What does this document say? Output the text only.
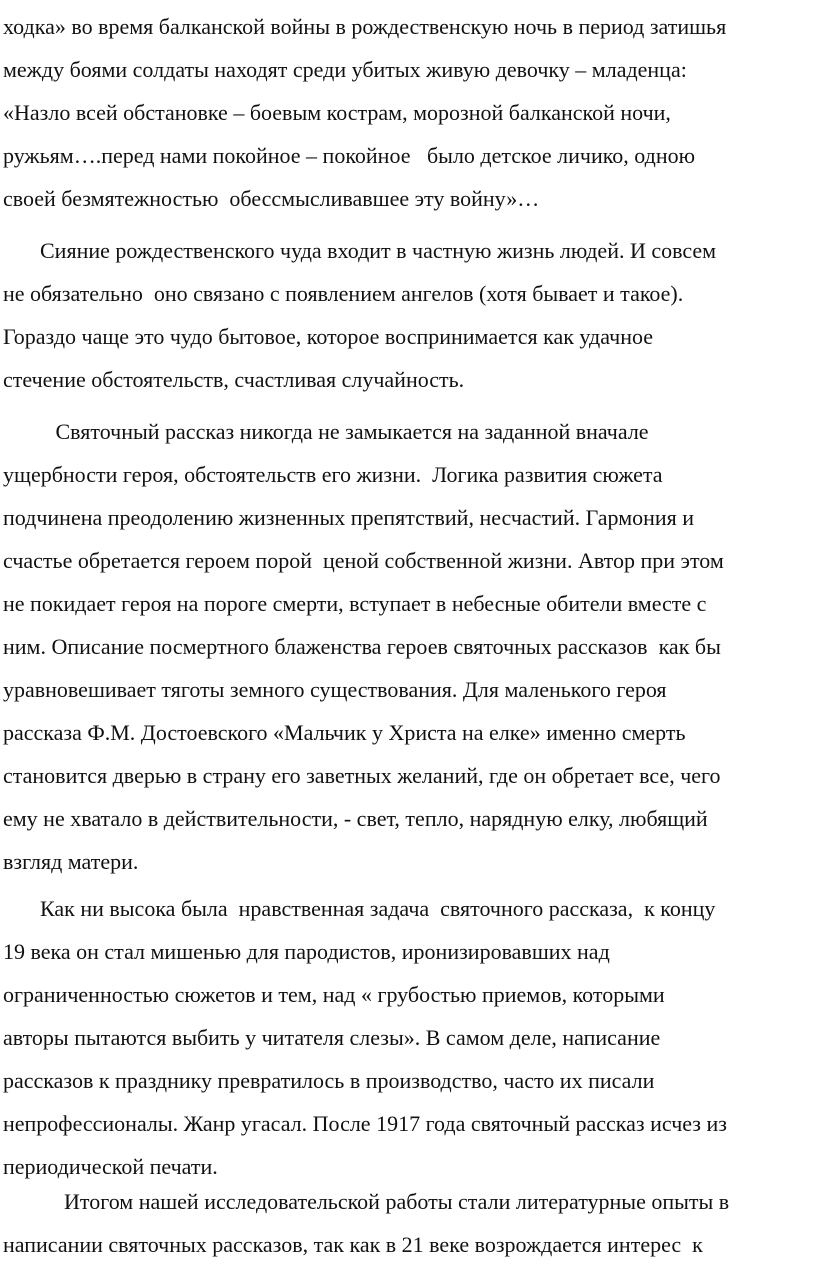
ходка» во время балканской войны в рождественскую ночь в период затишья
между боями солдаты находят среди убитых живую девочку – младенца:
«Назло всей обстановке – боевым кострам, морозной балканской ночи,
ружьям….перед нами покойное – покойное   было детское личико, одною
своей безмятежностью  обессмысливавшее эту войну»…
Сияние рождественского чуда входит в частную жизнь людей. И совсем
не обязательно  оно связано с появлением ангелов (хотя бывает и такое).
Гораздо чаще это чудо бытовое, которое воспринимается как удачное
стечение обстоятельств, счастливая случайность.
Святочный рассказ никогда не замыкается на заданной вначале
ущербности героя, обстоятельств его жизни.  Логика развития сюжета
подчинена преодолению жизненных препятствий, несчастий. Гармония и
счастье обретается героем порой  ценой собственной жизни. Автор при этом
не покидает героя на пороге смерти, вступает в небесные обители вместе с
ним. Описание посмертного блаженства героев святочных рассказов  как бы
уравновешивает тяготы земного существования. Для маленького героя
рассказа Ф.М. Достоевского «Мальчик у Христа на елке» именно смерть
становится дверью в страну его заветных желаний, где он обретает все, чего
ему не хватало в действительности, - свет, тепло, нарядную елку, любящий
взгляд матери.
Как ни высока была  нравственная задача  святочного рассказа,  к концу
19 века он стал мишенью для пародистов, иронизировавших над
ограниченностью сюжетов и тем, над « грубостью приемов, которыми
авторы пытаются выбить у читателя слезы». В самом деле, написание
рассказов к празднику превратилось в производство, часто их писали
непрофессионалы. Жанр угасал. После 1917 года святочный рассказ исчез из
периодической печати.
Итогом нашей исследовательской работы стали литературные опыты в
написании святочных рассказов, так как в 21 веке возрождается интерес  к
